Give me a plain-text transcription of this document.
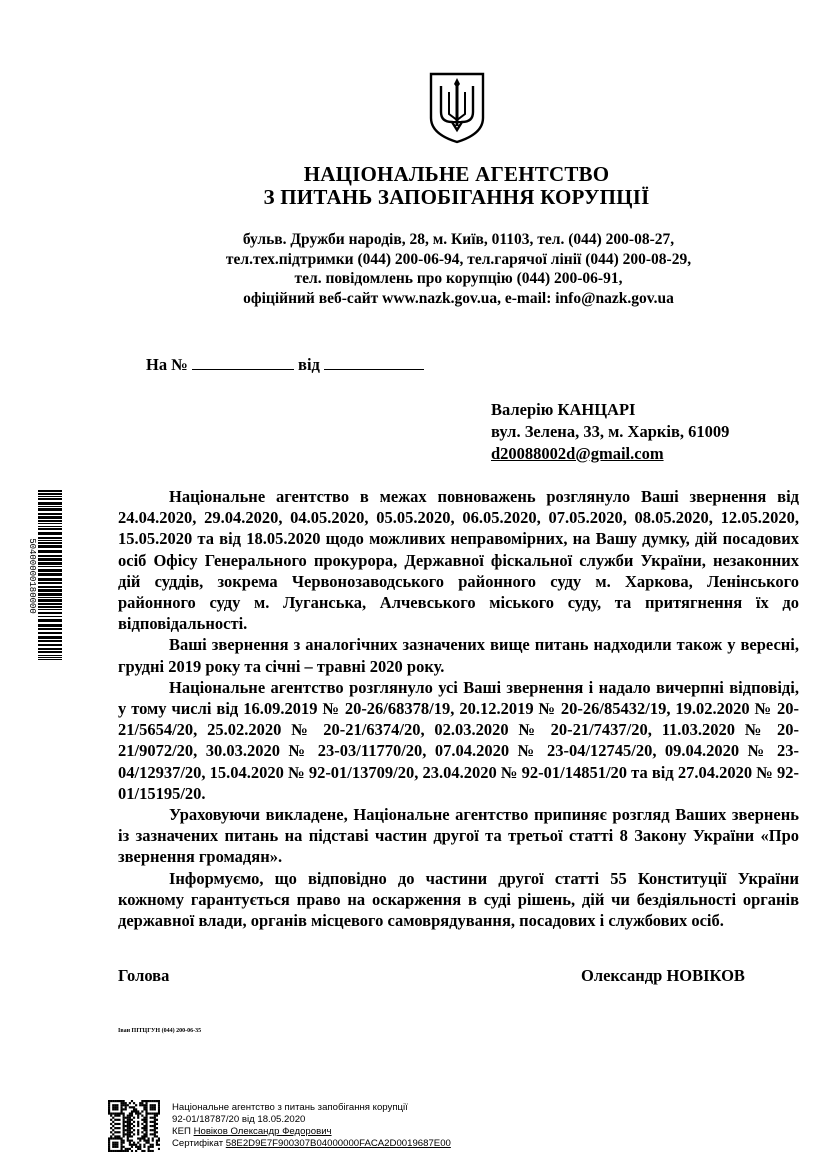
НАЦІОНАЛЬНЕ АГЕНТСТВО
З ПИТАНЬ ЗАПОБІГАННЯ КОРУПЦІЇ
бульв. Дружби народів, 28, м. Київ, 01103, тел. (044) 200-08-27,
тел.тех.підтримки (044) 200-06-94, тел.гарячої лінії (044) 200-08-29,
тел. повідомлень про корупцію (044) 200-06-91,
офіційний веб-сайт www.nazk.gov.ua, e-mail: info@nazk.gov.ua
На №	від
Валерію КАНЦАРІ
вул. Зелена, 33, м. Харків, 61009
d20088002d@gmail.com

Національне агентство в межах повноважень розглянуло Ваші звернення від 24.04.2020, 29.04.2020, 04.05.2020, 05.05.2020, 06.05.2020, 07.05.2020, 08.05.2020, 12.05.2020, 15.05.2020 та від 18.05.2020 щодо можливих неправомірних, на Вашу думку, дій посадових осіб Офісу Генерального прокурора, Державної фіскальної служби України, незаконних дій суддів, зокрема Червонозаводського районного суду м. Харкова, Ленінського районного суду м. Луганська, Алчевського міського суду, та притягнення їх до відповідальності.

Ваші звернення з аналогічних зазначених вище питань надходили також у вересні, грудні 2019 року та січні – травні 2020 року.

Національне агентство розглянуло усі Ваші звернення і надало вичерпні відповіді, у тому числі від 16.09.2019 № 20-26/68378/19, 20.12.2019 № 20-26/85432/19, 19.02.2020 № 20-21/5654/20, 25.02.2020 № 20-21/6374/20, 02.03.2020 № 20-21/7437/20, 11.03.2020 № 20-21/9072/20, 30.03.2020 № 23-03/11770/20, 07.04.2020 № 23-04/12745/20, 09.04.2020 № 23-04/12937/20, 15.04.2020 № 92-01/13709/20, 23.04.2020 № 92-01/14851/20 та від 27.04.2020 № 92-01/15195/20.

Ураховуючи викладене, Національне агентство припиняє розгляд Ваших звернень із зазначених питань на підставі частин другої та третьої статті 8 Закону України «Про звернення громадян».

Інформуємо, що відповідно до частини другої статті 55 Конституції України кожному гарантується право на оскарження в суді рішень, дій чи бездіяльності органів державної влади, органів місцевого самоврядування, посадових і службових осіб.

Голова	Олександр НОВІКОВ
Іван ПІТЦГУН (044) 200-06-35
50400000180000
Національне агентство з питань запобігання корупції
92-01/18787/20 від 18.05.2020
КЕП Новіков Олександр Федорович
Сертифікат 58E2D9E7F900307B04000000FACA2D0019687E00
